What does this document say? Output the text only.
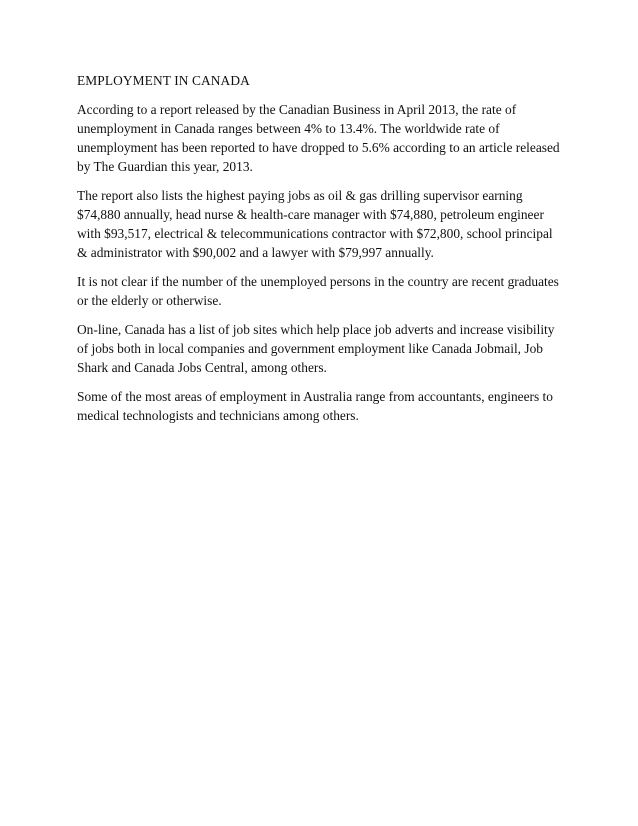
EMPLOYMENT IN CANADA

According to a report released by the Canadian Business in April 2013, the rate of unemployment in Canada ranges between 4% to 13.4%. The worldwide rate of unemployment has been reported to have dropped to 5.6% according to an article released by The Guardian this year, 2013.

The report also lists the highest paying jobs as oil & gas drilling supervisor earning $74,880 annually, head nurse & health-care manager with $74,880, petroleum engineer with $93,517, electrical & telecommunications contractor with $72,800, school principal & administrator with $90,002 and a lawyer with $79,997 annually.

It is not clear if the number of the unemployed persons in the country are recent graduates or the elderly or otherwise.

On-line, Canada has a list of job sites which help place job adverts and increase visibility of jobs both in local companies and government employment like Canada Jobmail, Job Shark and Canada Jobs Central, among others.

Some of the most areas of employment in Australia range from accountants, engineers to medical technologists and technicians among others.
